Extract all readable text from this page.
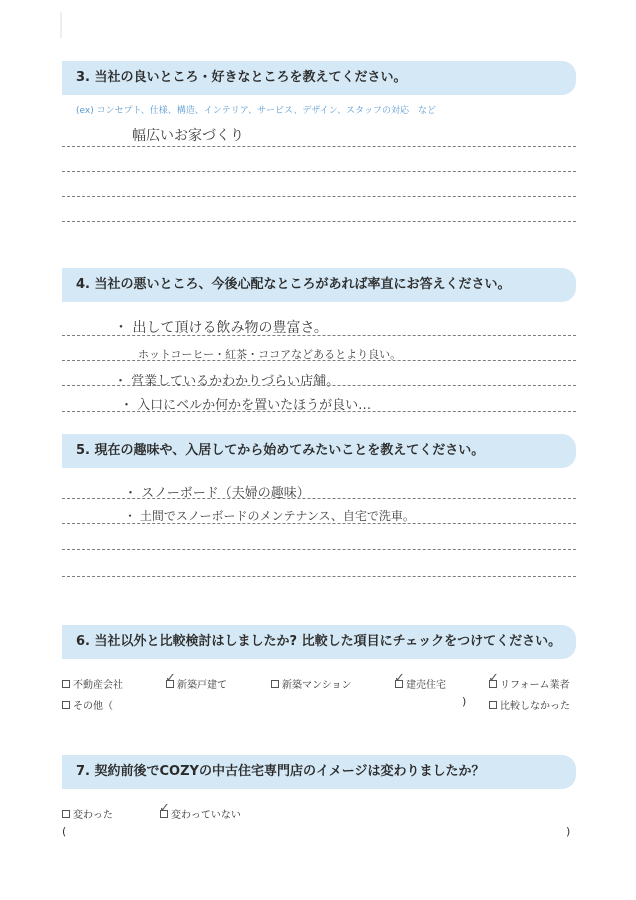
3. 当社の良いところ・好きなところを教えてください。
(ex) コンセプト、仕様、構造、インテリア、サービス、デザイン、スタッフの対応　など
幅広いお家づくり
4. 当社の悪いところ、今後心配なところがあれば率直にお答えください。
・ 出して頂ける飲み物の豊富さ。
ホットコーヒー・紅茶・ココアなどあるとより良い。
・ 営業しているかわかりづらい店舗。
・ 入口にベルか何かを置いたほうが良い…
5. 現在の趣味や、入居してから始めてみたいことを教えてください。
・ スノーボード（夫婦の趣味）
・ 土間でスノーボードのメンテナンス、自宅で洗車。
6. 当社以外と比較検討はしましたか? 比較した項目にチェックをつけてください。
不動産会社	✓ 新築戸建て	新築マンション	✓ 建売住宅	✓ リフォーム業者
その他（	)	比較しなかった
7. 契約前後でCOZYの中古住宅専門店のイメージは変わりましたか？
変わった	✓ 変わっていない
(	)
